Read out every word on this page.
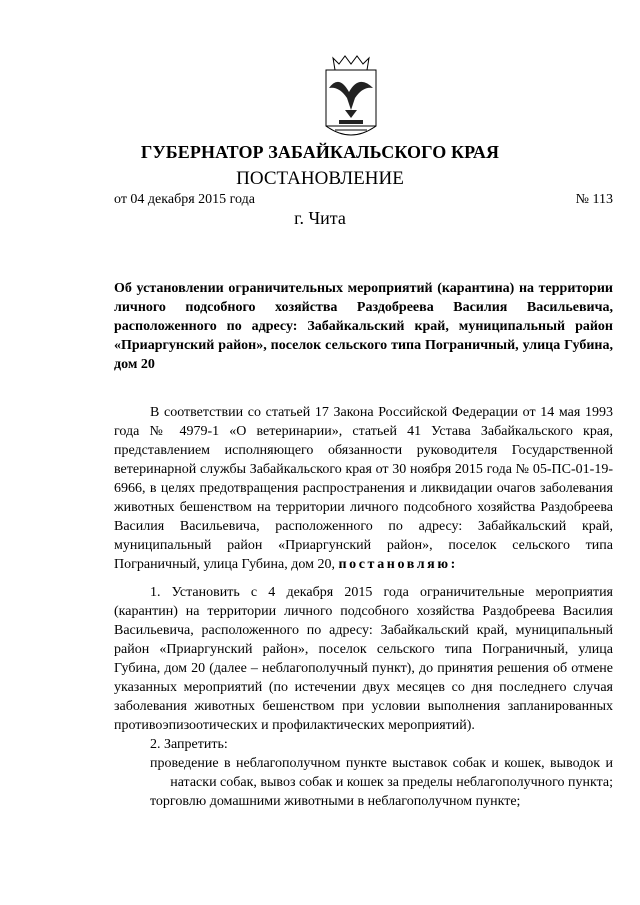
ГУБЕРНАТОР ЗАБАЙКАЛЬСКОГО КРАЯ
ПОСТАНОВЛЕНИЕ
от 04 декабря 2015 года	№ 113
г. Чита
Об установлении ограничительных мероприятий (карантина) на территории личного подсобного хозяйства Раздобреева Василия Васильевича, расположенного по адресу: Забайкальский край, муниципальный район «Приаргунский район», поселок сельского типа Пограничный, улица Губина, дом 20

В соответствии со статьей 17 Закона Российской Федерации от 14 мая 1993 года № 4979-1 «О ветеринарии», статьей 41 Устава Забайкальского края, представлением исполняющего обязанности руководителя Государственной ветеринарной службы Забайкальского края от 30 ноября 2015 года № 05-ПС-01-19-6966, в целях предотвращения распространения и ликвидации очагов заболевания животных бешенством на территории личного подсобного хозяйства Раздобреева Василия Васильевича, расположенного по адресу: Забайкальский край, муниципальный район «Приаргунский район», поселок сельского типа Пограничный, улица Губина, дом 20, постановляю:

1. Установить с 4 декабря 2015 года ограничительные мероприятия (карантин) на территории личного подсобного хозяйства Раздобреева Василия Васильевича, расположенного по адресу: Забайкальский край, муниципальный район «Приаргунский район», поселок сельского типа Пограничный, улица Губина, дом 20 (далее – неблагополучный пункт), до принятия решения об отмене указанных мероприятий (по истечении двух месяцев со дня последнего случая заболевания животных бешенством при условии выполнения запланированных противоэпизоотических и профилактических мероприятий).

2. Запретить:

проведение в неблагополучном пункте выставок собак и кошек, выводок и натаски собак, вывоз собак и кошек за пределы неблагополучного пункта;

торговлю домашними животными в неблагополучном пункте;
